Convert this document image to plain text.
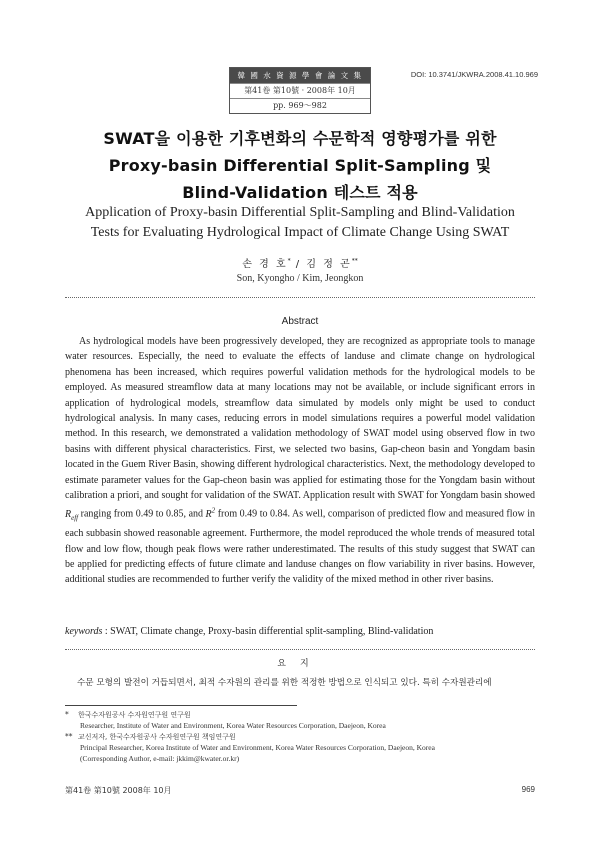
韓 國 水 資 源 學 會 論 文 集
第41卷 第10號 · 2008年 10月
pp. 969～982
DOI: 10.3741/JKWRA.2008.41.10.969
SWAT을 이용한 기후변화의 수문학적 영향평가를 위한
Proxy-basin Differential Split-Sampling 및
Blind-Validation 테스트 적용
Application of Proxy-basin Differential Split-Sampling and Blind-Validation
Tests for Evaluating Hydrological Impact of Climate Change Using SWAT
손 경 호* / 김 정 곤**
Son, Kyongho / Kim, Jeongkon
Abstract
As hydrological models have been progressively developed, they are recognized as appropriate tools to manage water resources. Especially, the need to evaluate the effects of landuse and climate change on hydrological phenomena has been increased, which requires powerful validation methods for the hydrological models to be employed. As measured streamflow data at many locations may not be available, or include significant errors in application of hydrological models, streamflow data simulated by models only might be used to conduct hydrological analysis. In many cases, reducing errors in model simulations requires a powerful model validation method. In this research, we demonstrated a validation methodology of SWAT model using observed flow in two basins with different physical characteristics. First, we selected two basins, Gap-cheon basin and Yongdam basin located in the Guem River Basin, showing different hydrological characteristics. Next, the methodology developed to estimate parameter values for the Gap-cheon basin was applied for estimating those for the Yongdam basin without calibration a priori, and sought for validation of the SWAT. Application result with SWAT for Yongdam basin showed $R_{eff}$ ranging from 0.49 to 0.85, and $R^2$ from 0.49 to 0.84. As well, comparison of predicted flow and measured flow in each subbasin showed reasonable agreement. Furthermore, the model reproduced the whole trends of measured total flow and low flow, though peak flows were rather underestimated. The results of this study suggest that SWAT can be applied for predicting effects of future climate and landuse changes on flow variability in river basins. However, additional studies are recommended to further verify the validity of the mixed method in other river basins.
keywords : SWAT, Climate change, Proxy-basin differential split-sampling, Blind-validation
요지
수문 모형의 발전이 거듭되면서, 최적 수자원의 관리를 위한 적정한 방법으로 인식되고 있다. 특히 수자원관리에
* 한국수자원공사 수자원연구원 연구원
Researcher, Institute of Water and Environment, Korea Water Resources Corporation, Daejeon, Korea
** 교신저자, 한국수자원공사 수자원연구원 책임연구원
Principal Researcher, Korea Institute of Water and Environment, Korea Water Resources Corporation, Daejeon, Korea
(Corresponding Author, e-mail: jkkim@kwater.or.kr)
第41卷 第10號 2008年 10月	969
